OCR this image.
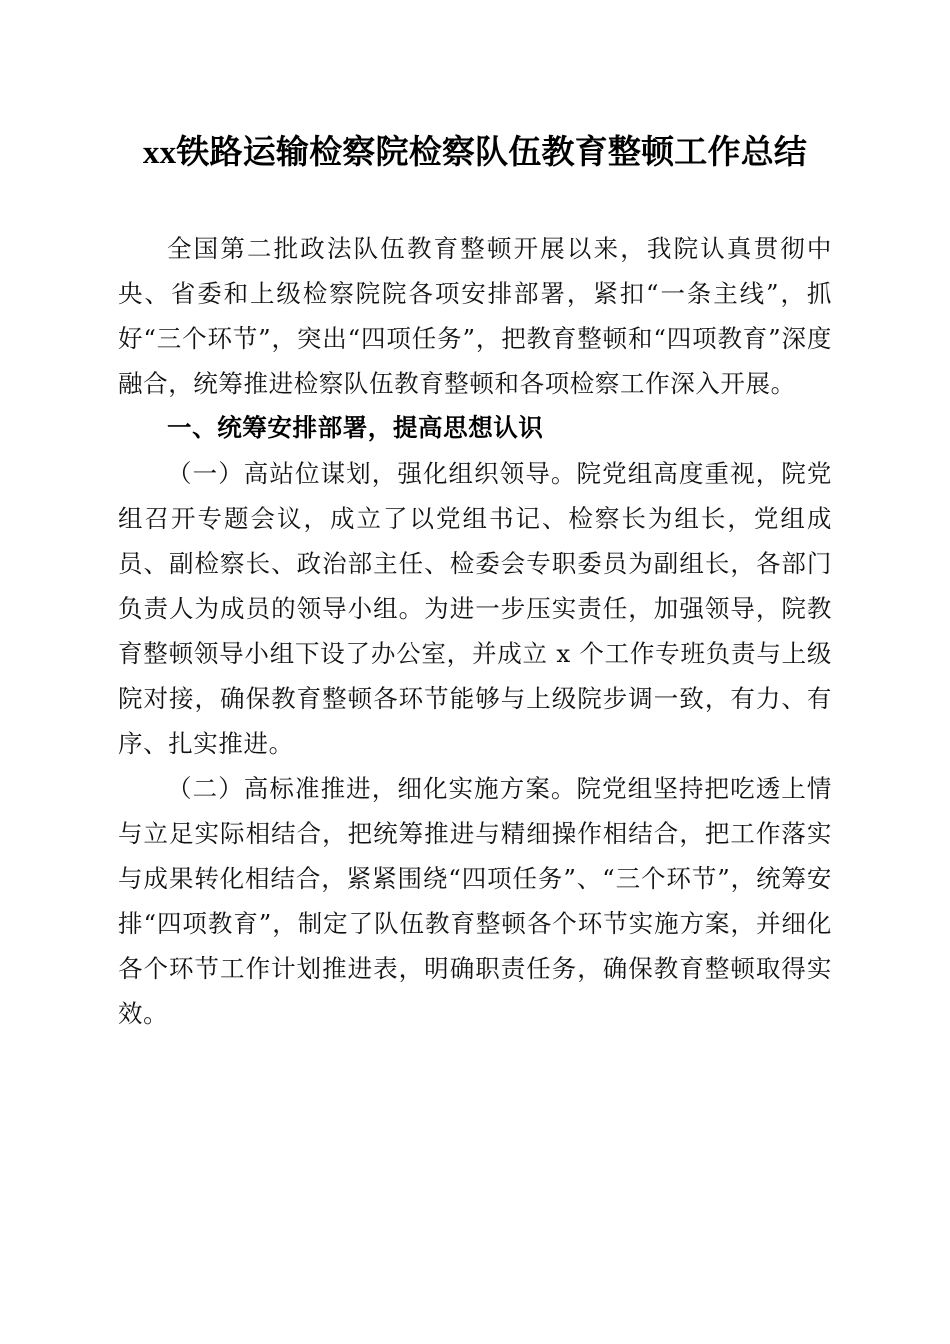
xx铁路运输检察院检察队伍教育整顿工作总结

全国第二批政法队伍教育整顿开展以来，我院认真贯彻中央、省委和上级检察院院各项安排部署，紧扣“一条主线”，抓好“三个环节”，突出“四项任务”，把教育整顿和“四项教育”深度融合，统筹推进检察队伍教育整顿和各项检察工作深入开展。

一、统筹安排部署，提高思想认识

（一）高站位谋划，强化组织领导。院党组高度重视，院党组召开专题会议，成立了以党组书记、检察长为组长，党组成员、副检察长、政治部主任、检委会专职委员为副组长，各部门负责人为成员的领导小组。为进一步压实责任，加强领导，院教育整顿领导小组下设了办公室，并成立 x 个工作专班负责与上级院对接，确保教育整顿各环节能够与上级院步调一致，有力、有序、扎实推进。

（二）高标准推进，细化实施方案。院党组坚持把吃透上情与立足实际相结合，把统筹推进与精细操作相结合，把工作落实与成果转化相结合，紧紧围绕“四项任务”、“三个环节”，统筹安排“四项教育”，制定了队伍教育整顿各个环节实施方案，并细化各个环节工作计划推进表，明确职责任务，确保教育整顿取得实效。
